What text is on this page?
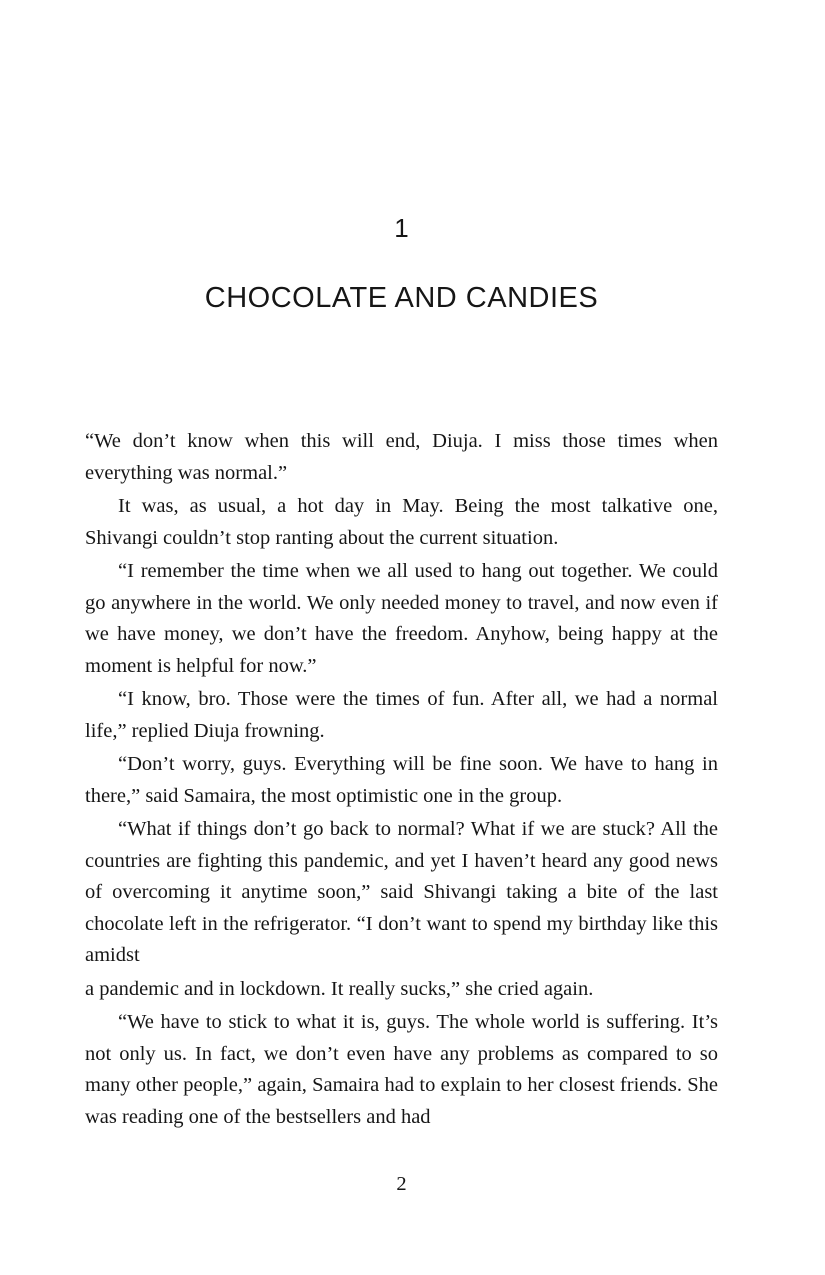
1
CHOCOLATE AND CANDIES

“We don’t know when this will end, Diuja. I miss those times when everything was normal.”

It was, as usual, a hot day in May. Being the most talkative one, Shivangi couldn’t stop ranting about the current situation.

“I remember the time when we all used to hang out together. We could go anywhere in the world. We only needed money to travel, and now even if we have money, we don’t have the freedom. Anyhow, being happy at the moment is helpful for now.”

“I know, bro. Those were the times of fun. After all, we had a normal life,” replied Diuja frowning.

“Don’t worry, guys. Everything will be fine soon. We have to hang in there,” said Samaira, the most optimistic one in the group.

“What if things don’t go back to normal? What if we are stuck? All the countries are fighting this pandemic, and yet I haven’t heard any good news of overcoming it anytime soon,” said Shivangi taking a bite of the last chocolate left in the refrigerator. “I don’t want to spend my birthday like this amidst

a pandemic and in lockdown. It really sucks,” she cried again.

“We have to stick to what it is, guys. The whole world is suffering. It’s not only us. In fact, we don’t even have any problems as compared to so many other people,” again, Samaira had to explain to her closest friends. She was reading one of the bestsellers and had

2
